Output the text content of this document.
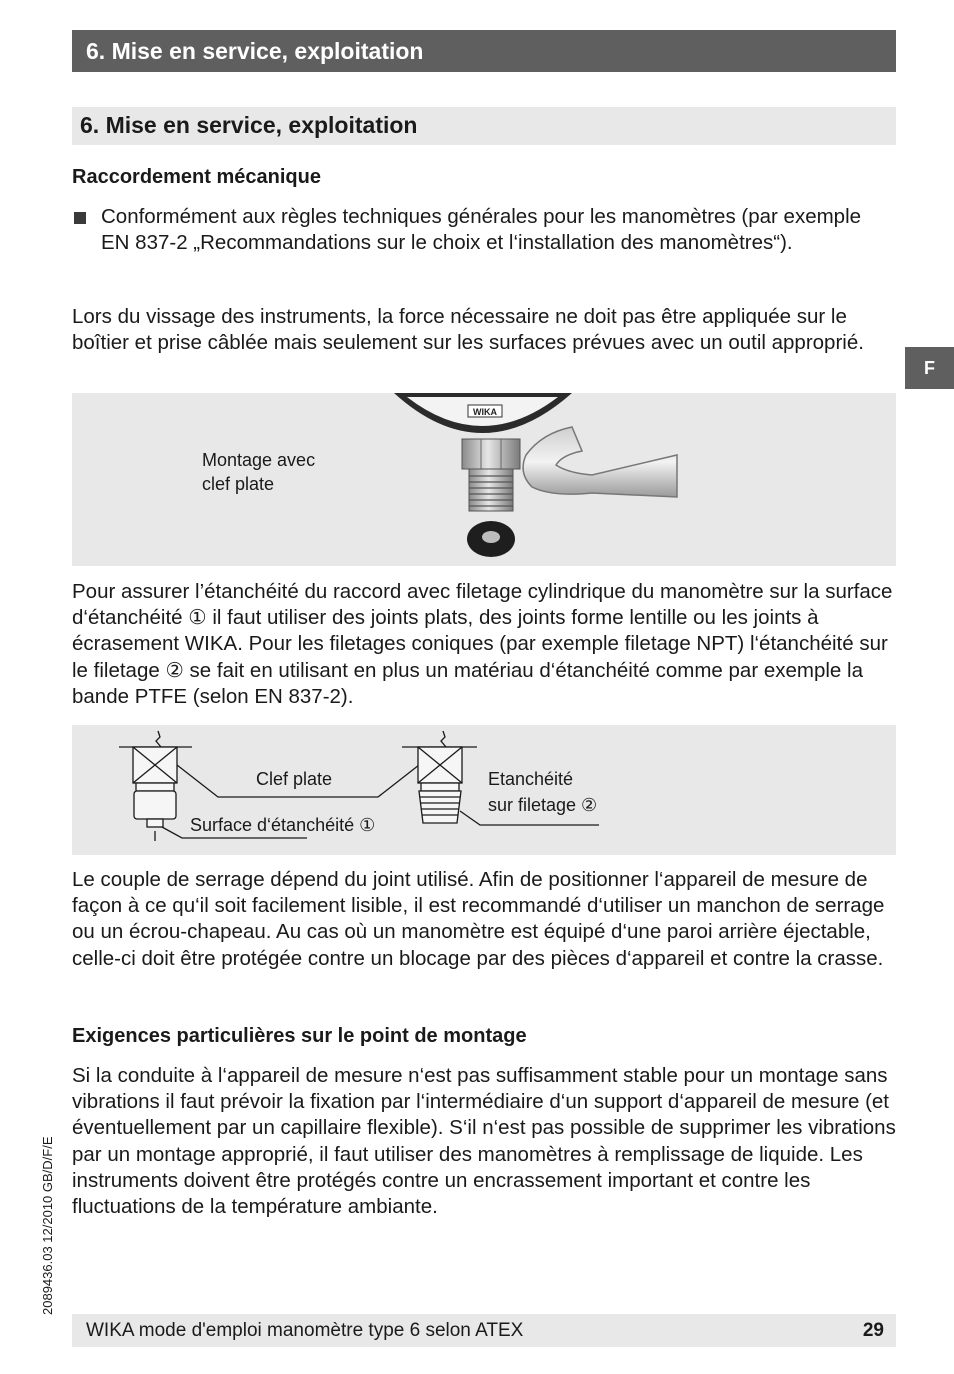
6. Mise en service, exploitation
6. Mise en service, exploitation
F
Raccordement mécanique

Conformément aux règles techniques générales pour les manomètres (par exemple EN 837-2 „Recommandations sur le choix et l‘installation des manomètres“).

Lors du vissage des instruments, la force nécessaire ne doit pas être appliquée sur le boîtier et prise câblée mais seulement sur les surfaces prévues avec un outil approprié.

Montage avec
clef plate
WIKA

Pour assurer l’étanchéité du raccord avec filetage cylindrique du manomètre sur la surface d‘étanchéité ① il faut utiliser des joints plats, des joints forme lentille ou les joints à écrasement WIKA. Pour les filetages coniques (par exemple filetage NPT) l‘étanchéité sur le filetage ② se fait en utilisant en plus un matériau d‘étanchéité comme par exemple la bande PTFE (selon EN 837-2).

Clef plate
Surface d‘étanchéité ①
Etanchéité
sur filetage ②

Le couple de serrage dépend du joint utilisé. Afin de positionner l‘appareil de mesure de façon à ce qu‘il soit facilement lisible, il est recommandé d‘utiliser un manchon de serrage ou un écrou-chapeau. Au cas où un manomètre est équipé d‘une paroi arrière éjectable, celle-ci doit être protégée contre un blocage par des pièces d‘appareil et contre la crasse.

Exigences particulières sur le point de montage

Si la conduite à l‘appareil de mesure n‘est pas suffisamment stable pour un montage sans vibrations il faut prévoir la fixation par l‘intermédiaire d‘un support d‘appareil de mesure (et éventuellement par un capillaire flexible). S‘il n‘est pas possible de supprimer les vibrations par un montage approprié, il faut utiliser des manomètres à remplissage de liquide. Les instruments doivent être protégés contre un encrassement important et contre les fluctuations de la température ambiante.

2089436.03 12/2010 GB/D/F/E
WIKA mode d'emploi manomètre type 6 selon ATEX	29
